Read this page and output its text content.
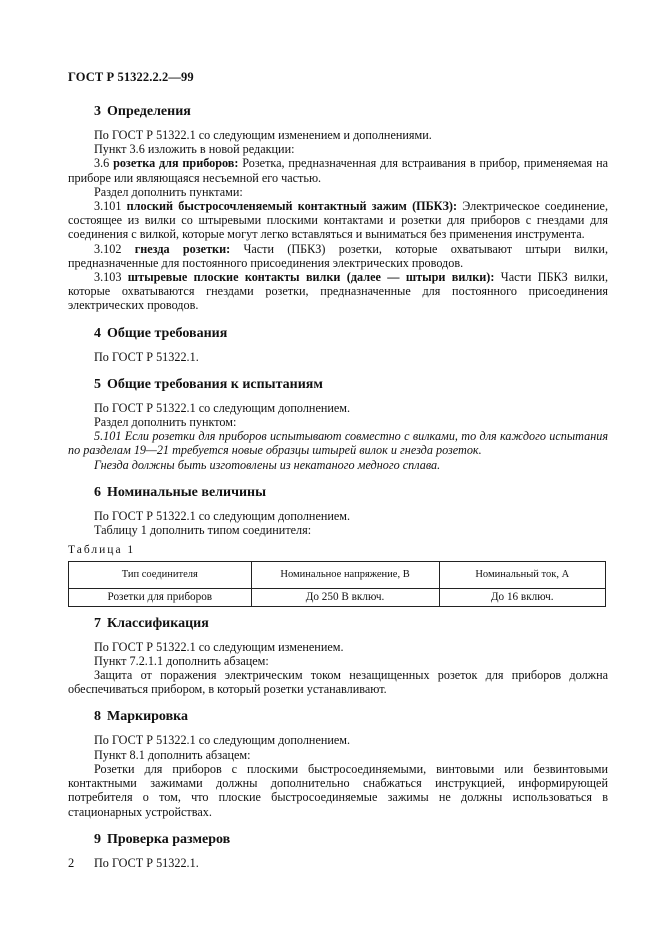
ГОСТ Р 51322.2.2—99
3 Определения

По ГОСТ Р 51322.1 со следующим изменением и дополнениями.

Пункт 3.6 изложить в новой редакции:

3.6 розетка для приборов: Розетка, предназначенная для встраивания в прибор, применяемая на приборе или являющаяся несъемной его частью.

Раздел дополнить пунктами:

3.101 плоский быстросочленяемый контактный зажим (ПБКЗ): Электрическое соединение, состоящее из вилки со штыревыми плоскими контактами и розетки для приборов с гнездами для соединения с вилкой, которые могут легко вставляться и выниматься без применения инструмента.

3.102 гнезда розетки: Части (ПБКЗ) розетки, которые охватывают штыри вилки, предназначенные для постоянного присоединения электрических проводов.

3.103 штыревые плоские контакты вилки (далее — штыри вилки): Части ПБКЗ вилки, которые охватываются гнездами розетки, предназначенные для постоянного присоединения электрических проводов.

4 Общие требования

По ГОСТ Р 51322.1.

5 Общие требования к испытаниям

По ГОСТ Р 51322.1 со следующим дополнением.

Раздел дополнить пунктом:

5.101 Если розетки для приборов испытывают совместно с вилками, то для каждого испытания по разделам 19—21 требуется новые образцы штырей вилок и гнезда розеток.

Гнезда должны быть изготовлены из некатаного медного сплава.

6 Номинальные величины

По ГОСТ Р 51322.1 со следующим дополнением.

Таблицу 1 дополнить типом соединителя:

Таблица 1
Тип соединителя	Номинальное напряжение, В	Номинальный ток, А
Розетки для приборов	До 250 В включ.	До 16 включ.
7 Классификация

По ГОСТ Р 51322.1 со следующим изменением.

Пункт 7.2.1.1 дополнить абзацем:

Защита от поражения электрическим током незащищенных розеток для приборов должна обеспечиваться прибором, в который розетки устанавливают.

8 Маркировка

По ГОСТ Р 51322.1 со следующим дополнением.

Пункт 8.1 дополнить абзацем:

Розетки для приборов с плоскими быстросоединяемыми, винтовыми или безвинтовыми контактными зажимами должны дополнительно снабжаться инструкцией, информирующей потребителя о том, что плоские быстросоединяемые зажимы не должны использоваться в стационарных устройствах.

9 Проверка размеров

По ГОСТ Р 51322.1.

2
